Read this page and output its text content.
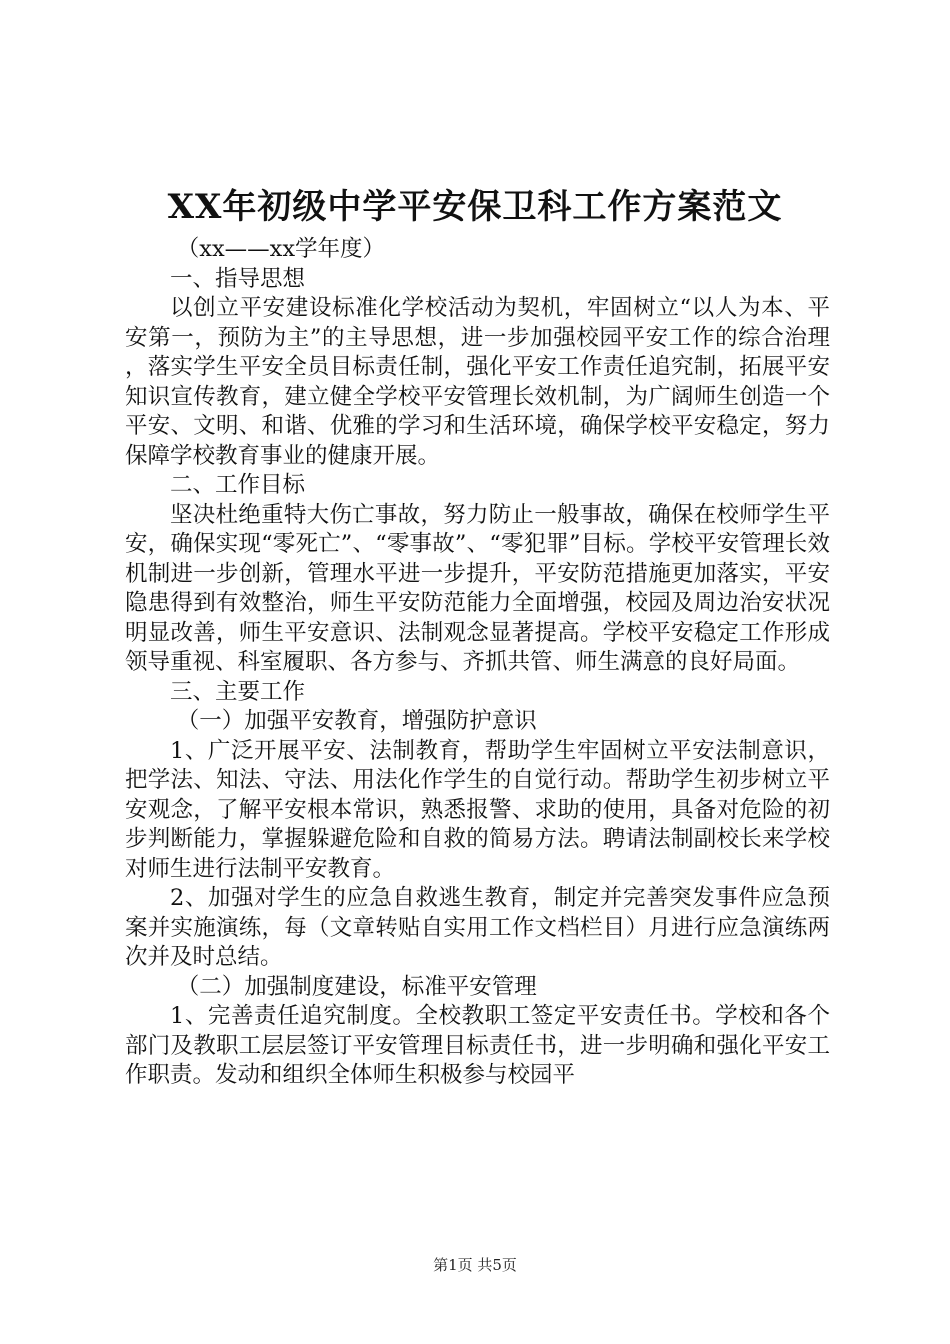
XX年初级中学平安保卫科工作方案范文

（xx——xx学年度）

一、指导思想

以创立平安建设标准化学校活动为契机，牢固树立“以人为本、平安第一，预防为主”的主导思想，进一步加强校园平安工作的综合治理，落实学生平安全员目标责任制，强化平安工作责任追究制，拓展平安知识宣传教育，建立健全学校平安管理长效机制，为广阔师生创造一个平安、文明、和谐、优雅的学习和生活环境，确保学校平安稳定，努力保障学校教育事业的健康开展。

二、工作目标

坚决杜绝重特大伤亡事故，努力防止一般事故，确保在校师学生平安，确保实现“零死亡”、“零事故”、“零犯罪”目标。学校平安管理长效机制进一步创新，管理水平进一步提升，平安防范措施更加落实，平安隐患得到有效整治，师生平安防范能力全面增强，校园及周边治安状况明显改善，师生平安意识、法制观念显著提高。学校平安稳定工作形成领导重视、科室履职、各方参与、齐抓共管、师生满意的良好局面。

三、主要工作

（一）加强平安教育，增强防护意识

1、广泛开展平安、法制教育，帮助学生牢固树立平安法制意识，把学法、知法、守法、用法化作学生的自觉行动。帮助学生初步树立平安观念，了解平安根本常识，熟悉报警、求助的使用，具备对危险的初步判断能力，掌握躲避危险和自救的简易方法。聘请法制副校长来学校对师生进行法制平安教育。

2、加强对学生的应急自救逃生教育，制定并完善突发事件应急预案并实施演练，每（文章转贴自实用工作文档栏目）月进行应急演练两次并及时总结。

（二）加强制度建设，标准平安管理

1、完善责任追究制度。全校教职工签定平安责任书。学校和各个部门及教职工层层签订平安管理目标责任书，进一步明确和强化平安工作职责。发动和组织全体师生积极参与校园平

第1页 共5页
